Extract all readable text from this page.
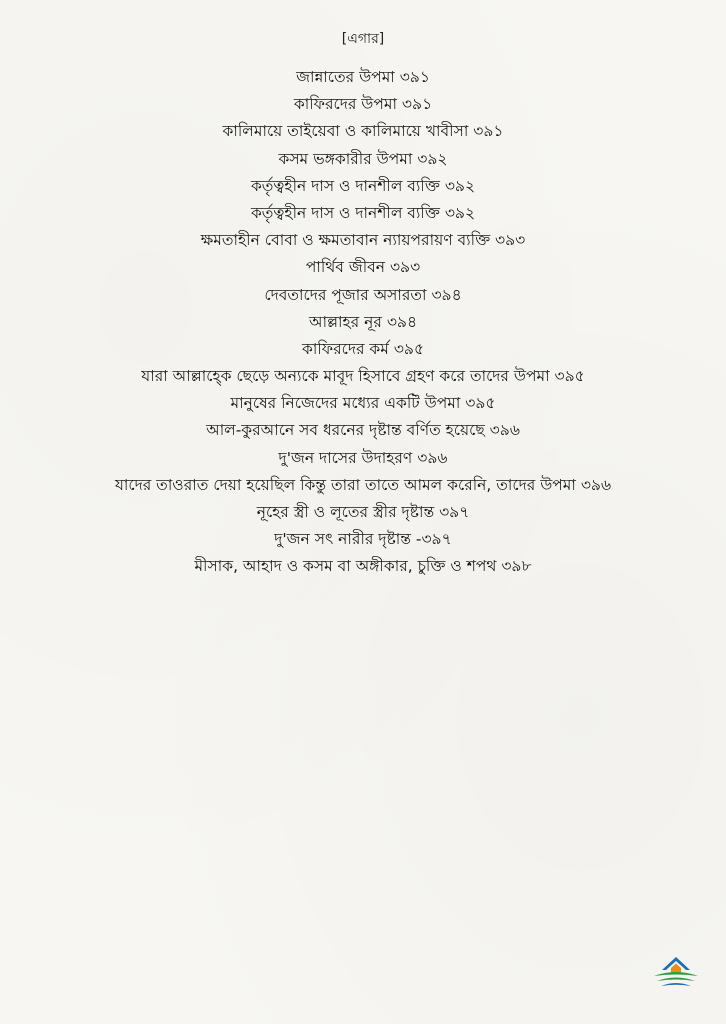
[এগার]
জান্নাতের উপমা ৩৯১
কাফিরদের উপমা ৩৯১
কালিমায়ে তাইয়েবা ও কালিমায়ে খাবীসা ৩৯১
কসম ভঙ্গকারীর উপমা ৩৯২
কর্তৃত্বহীন দাস ও দানশীল ব্যক্তি ৩৯২
কর্তৃত্বহীন দাস ও দানশীল ব্যক্তি ৩৯২
ক্ষমতাহীন বোবা ও ক্ষমতাবান ন্যায়পরায়ণ ব্যক্তি ৩৯৩
পার্থিব জীবন ৩৯৩
দেবতাদের পূজার অসারতা ৩৯৪
আল্লাহর নূর ৩৯৪
কাফিরদের কর্ম ৩৯৫
যারা আল্লাহ্কে ছেড়ে অন্যকে মাবূদ হিসাবে গ্রহণ করে তাদের উপমা ৩৯৫
মানুষের নিজেদের মধ্যের একটি উপমা ৩৯৫
আল-কুরআনে সব ধরনের দৃষ্টান্ত বর্ণিত হয়েছে ৩৯৬
দু'জন দাসের উদাহরণ ৩৯৬
যাদের তাওরাত দেয়া হয়েছিল কিন্তু তারা তাতে আমল করেনি, তাদের উপমা ৩৯৬
নূহের স্ত্রী ও লূতের স্ত্রীর দৃষ্টান্ত ৩৯৭
দু'জন সৎ নারীর দৃষ্টান্ত -৩৯৭
মীসাক, আহাদ ও কসম বা অঙ্গীকার, চুক্তি ও শপথ ৩৯৮
